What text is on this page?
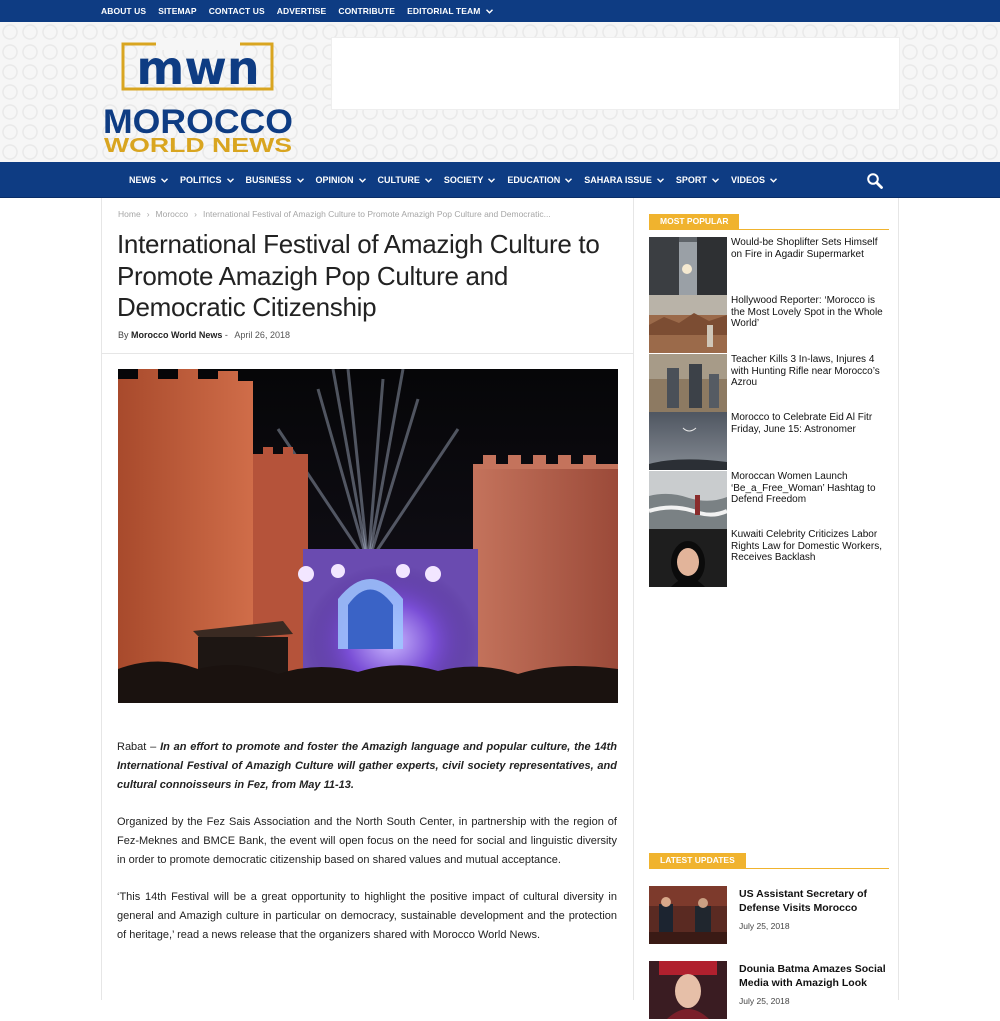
ABOUT US SITEMAP CONTACT US ADVERTISE CONTRIBUTE EDITORIAL TEAM
mwn
MOROCCO
WORLD NEWS
NEWS	POLITICS	BUSINESS	OPINION	CULTURE	SOCIETY	EDUCATION	SAHARA ISSUE	SPORT	VIDEOS
Home › Morocco › International Festival of Amazigh Culture to Promote Amazigh Pop Culture and Democratic...
International Festival of Amazigh Culture to Promote Amazigh Pop Culture and Democratic Citizenship
By Morocco World News - April 26, 2018

Rabat – In an effort to promote and foster the Amazigh language and popular culture, the 14th International Festival of Amazigh Culture will gather experts, civil society representatives, and cultural connoisseurs in Fez, from May 11-13.

Organized by the Fez Sais Association and the North South Center, in partnership with the region of Fez-Meknes and BMCE Bank, the event will open focus on the need for social and linguistic diversity in order to promote democratic citizenship based on shared values and mutual acceptance.

‘This 14th Festival will be a great opportunity to highlight the positive impact of cultural diversity in general and Amazigh culture in particular on democracy, sustainable development and the protection of heritage,’ read a news release that the organizers shared with Morocco World News.

MOST POPULAR
Would-be Shoplifter Sets Himself on Fire in Agadir Supermarket
Hollywood Reporter: ‘Morocco is the Most Lovely Spot in the Whole World’
Teacher Kills 3 In-laws, Injures 4 with Hunting Rifle near Morocco’s Azrou
Morocco to Celebrate Eid Al Fitr Friday, June 15: Astronomer
Moroccan Women Launch ‘Be_a_Free_Woman’ Hashtag to Defend Freedom
Kuwaiti Celebrity Criticizes Labor Rights Law for Domestic Workers, Receives Backlash
LATEST UPDATES
US Assistant Secretary of Defense Visits Morocco
July 25, 2018
Dounia Batma Amazes Social Media with Amazigh Look
July 25, 2018
